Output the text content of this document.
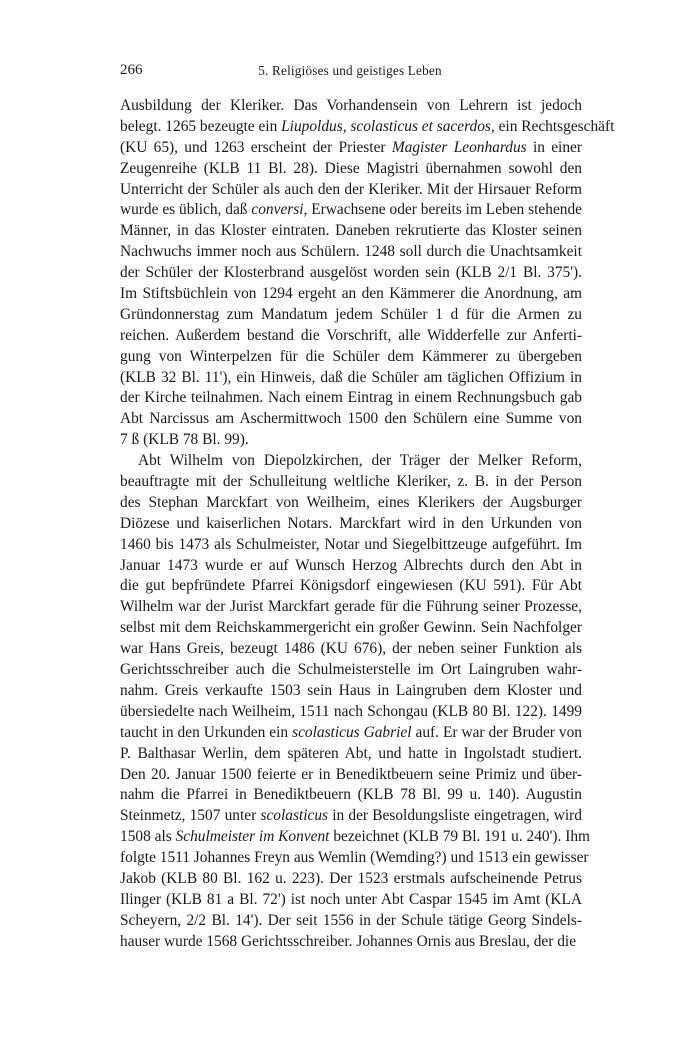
266	5. Religiöses und geistiges Leben
Ausbildung der Kleriker. Das Vorhandensein von Lehrern ist jedoch
belegt. 1265 bezeugte ein Liupoldus, scolasticus et sacerdos, ein Rechtsgeschäft
(KU 65), und 1263 erscheint der Priester Magister Leonhardus in einer
Zeugenreihe (KLB 11 Bl. 28). Diese Magistri übernahmen sowohl den
Unterricht der Schüler als auch den der Kleriker. Mit der Hirsauer Reform
wurde es üblich, daß conversi, Erwachsene oder bereits im Leben stehende
Männer, in das Kloster eintraten. Daneben rekrutierte das Kloster seinen
Nachwuchs immer noch aus Schülern. 1248 soll durch die Unachtsamkeit
der Schüler der Klosterbrand ausgelöst worden sein (KLB 2/1 Bl. 375').
Im Stiftsbüchlein von 1294 ergeht an den Kämmerer die Anordnung, am
Gründonnerstag zum Mandatum jedem Schüler 1 d für die Armen zu
reichen. Außerdem bestand die Vorschrift, alle Widderfelle zur Anferti-
gung von Winterpelzen für die Schüler dem Kämmerer zu übergeben
(KLB 32 Bl. 11'), ein Hinweis, daß die Schüler am täglichen Offizium in
der Kirche teilnahmen. Nach einem Eintrag in einem Rechnungsbuch gab
Abt Narcissus am Aschermittwoch 1500 den Schülern eine Summe von
7 ß (KLB 78 Bl. 99).
Abt Wilhelm von Diepolzkirchen, der Träger der Melker Reform,
beauftragte mit der Schulleitung weltliche Kleriker, z. B. in der Person
des Stephan Marckfart von Weilheim, eines Klerikers der Augsburger
Diözese und kaiserlichen Notars. Marckfart wird in den Urkunden von
1460 bis 1473 als Schulmeister, Notar und Siegelbittzeuge aufgeführt. Im
Januar 1473 wurde er auf Wunsch Herzog Albrechts durch den Abt in
die gut bepfründete Pfarrei Königsdorf eingewiesen (KU 591). Für Abt
Wilhelm war der Jurist Marckfart gerade für die Führung seiner Prozesse,
selbst mit dem Reichskammergericht ein großer Gewinn. Sein Nachfolger
war Hans Greis, bezeugt 1486 (KU 676), der neben seiner Funktion als
Gerichtsschreiber auch die Schulmeisterstelle im Ort Laingruben wahr-
nahm. Greis verkaufte 1503 sein Haus in Laingruben dem Kloster und
übersiedelte nach Weilheim, 1511 nach Schongau (KLB 80 Bl. 122). 1499
taucht in den Urkunden ein scolasticus Gabriel auf. Er war der Bruder von
P. Balthasar Werlin, dem späteren Abt, und hatte in Ingolstadt studiert.
Den 20. Januar 1500 feierte er in Benediktbeuern seine Primiz und über-
nahm die Pfarrei in Benediktbeuern (KLB 78 Bl. 99 u. 140). Augustin
Steinmetz, 1507 unter scolasticus in der Besoldungsliste eingetragen, wird
1508 als Schulmeister im Konvent bezeichnet (KLB 79 Bl. 191 u. 240'). Ihm
folgte 1511 Johannes Freyn aus Wemlin (Wemding?) und 1513 ein gewisser
Jakob (KLB 80 Bl. 162 u. 223). Der 1523 erstmals aufscheinende Petrus
Ilinger (KLB 81 a Bl. 72') ist noch unter Abt Caspar 1545 im Amt (KLA
Scheyern, 2/2 Bl. 14'). Der seit 1556 in der Schule tätige Georg Sindels-
hauser wurde 1568 Gerichtsschreiber. Johannes Ornis aus Breslau, der die
